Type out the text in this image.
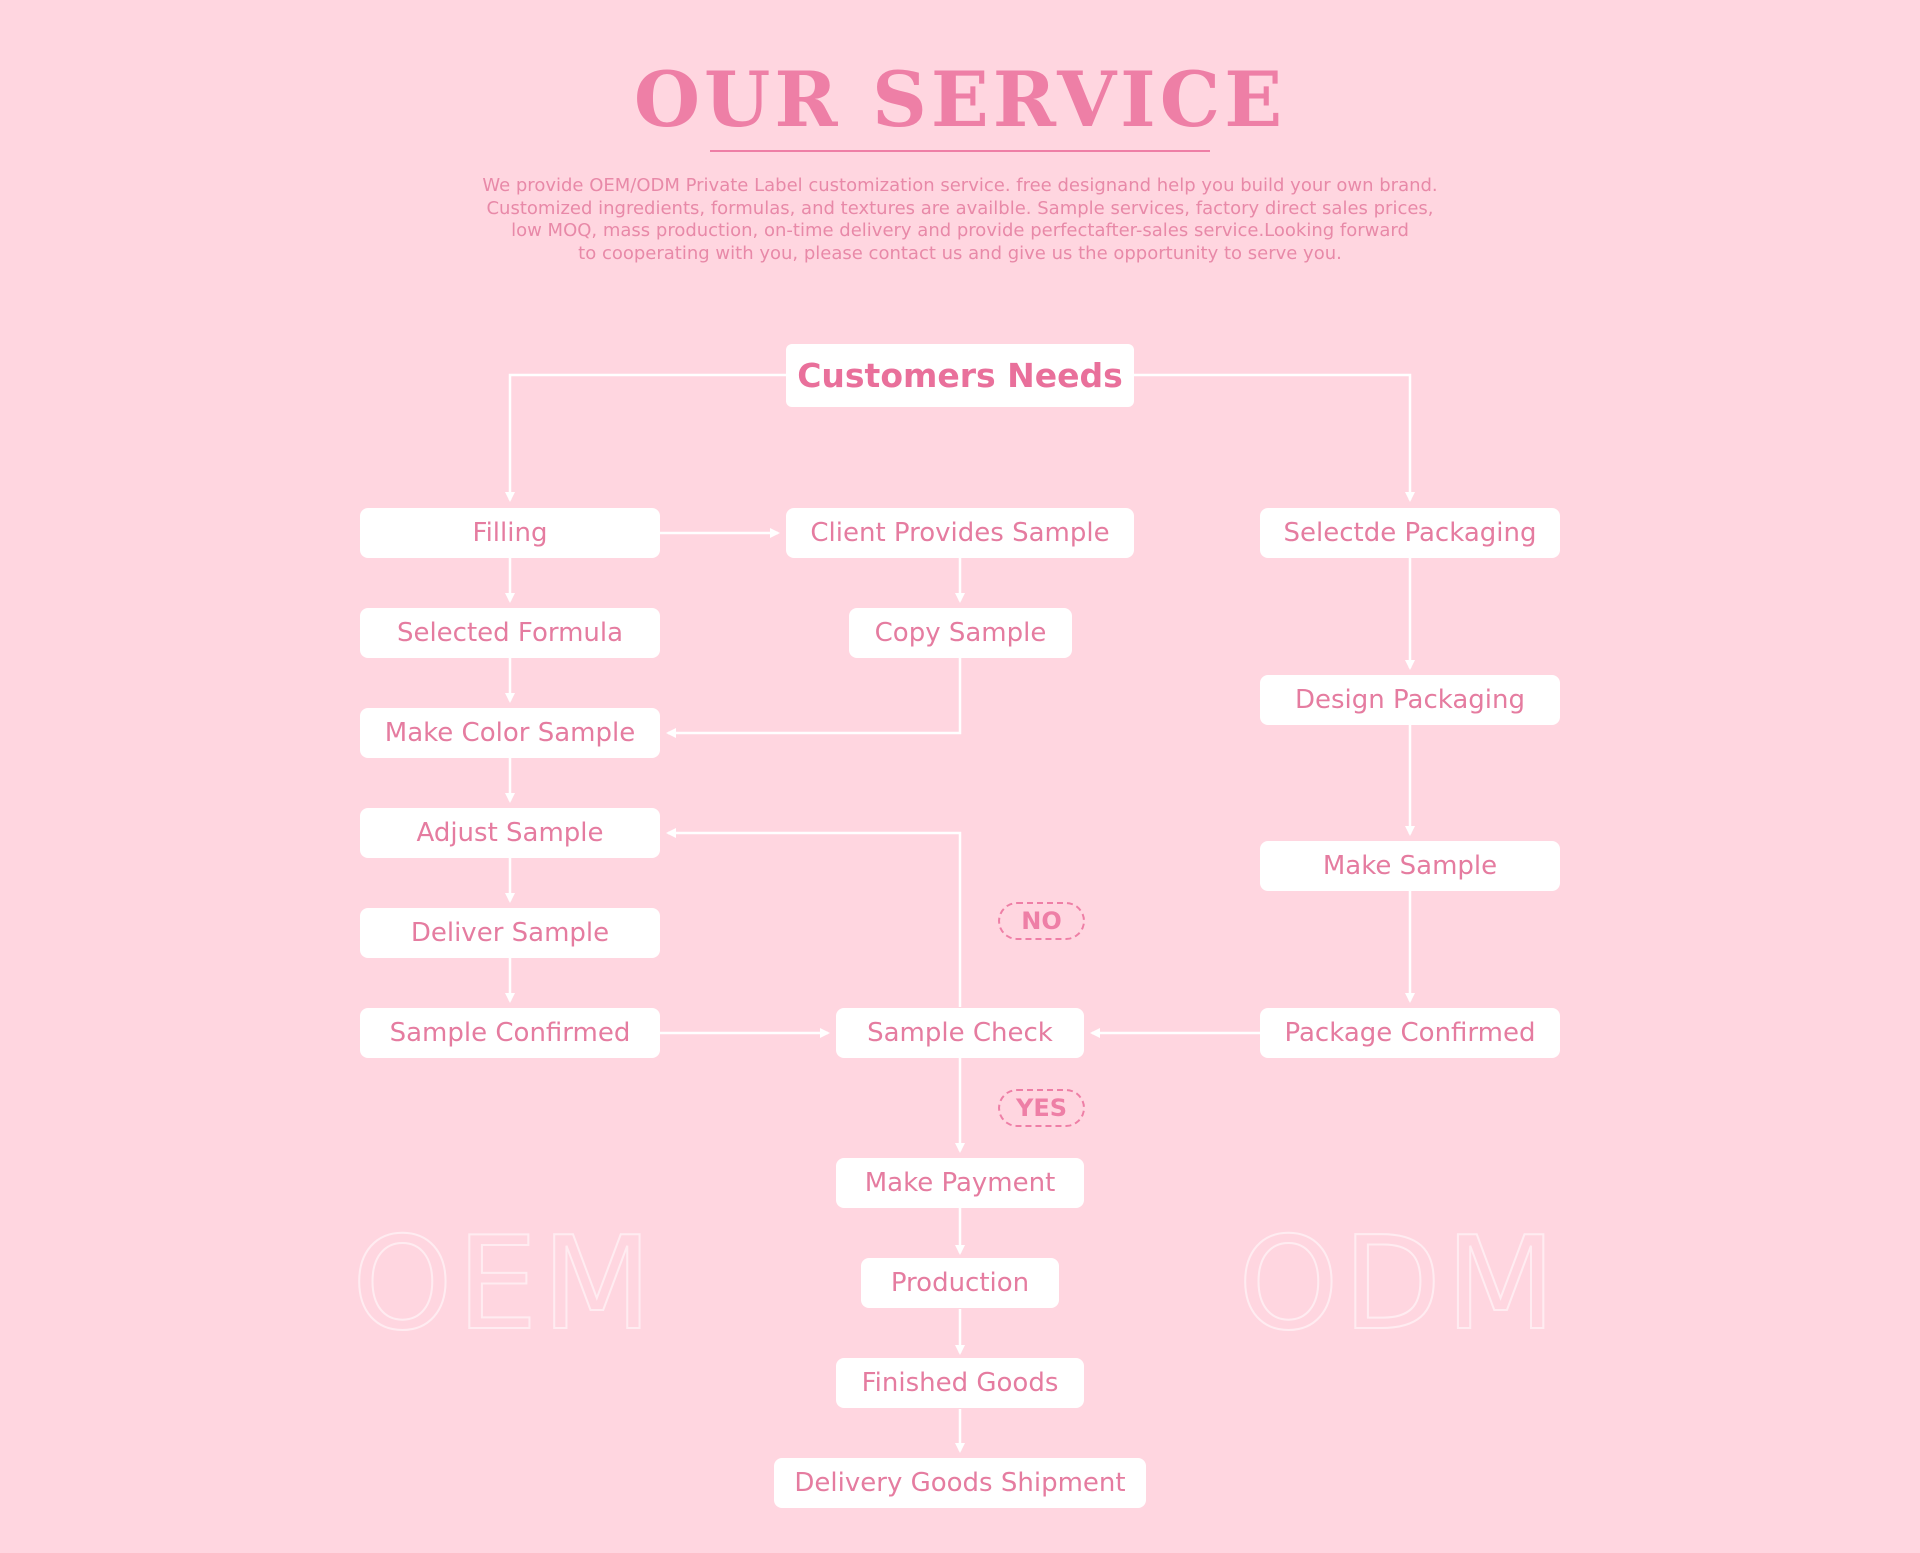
OUR SERVICE
We provide OEM/ODM Private Label customization service. free designand help you build your own brand.
Customized ingredients, formulas, and textures are availble. Sample services, factory direct sales prices,
low MOQ, mass production, on-time delivery and provide perfectafter-sales service.Looking forward
to cooperating with you, please contact us and give us the opportunity to serve you.
OEM	ODM
Customers Needs
Filling
Selected Formula
Make Color Sample
Adjust Sample
Deliver Sample
Sample Confirmed
Client Provides Sample
Copy Sample
Sample Check
Make Payment
Production
Finished Goods
Delivery Goods Shipment
Selectde Packaging
Design Packaging
Make Sample
Package Confirmed
NO
YES
